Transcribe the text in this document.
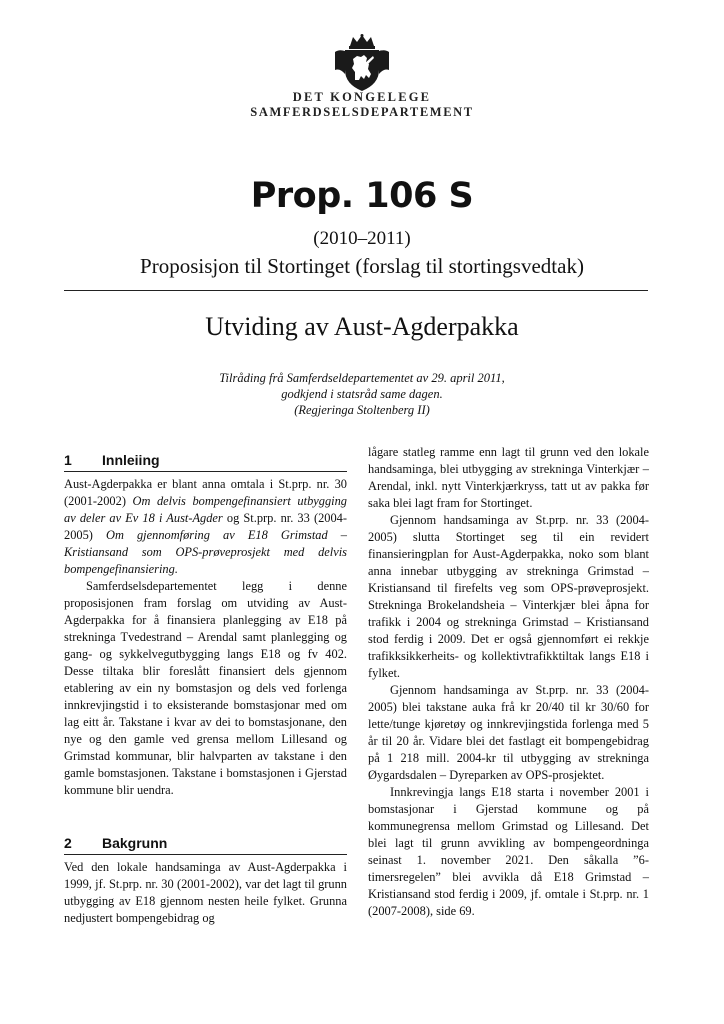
DET KONGELEGE
SAMFERDSELSDEPARTEMENT
Prop. 106 S
(2010–2011)
Proposisjon til Stortinget (forslag til stortingsvedtak)
Utviding av Aust-Agderpakka
Tilråding frå Samferdseldepartementet av 29. april 2011,
godkjend i statsråd same dagen.
(Regjeringa Stoltenberg II)
1	Innleiing

Aust-Agderpakka er blant anna omtala i St.prp. nr. 30 (2001-2002) Om delvis bompengefinansiert utbygging av deler av Ev 18 i Aust-Agder og St.prp. nr. 33 (2004-2005) Om gjennomføring av E18 Grimstad – Kristiansand som OPS-prøveprosjekt med delvis bompengefinansiering.

Samferdselsdepartementet legg i denne proposisjonen fram forslag om utviding av Aust-Agderpakka for å finansiera planlegging av E18 på strekninga Tvedestrand – Arendal samt planlegging og gang- og sykkelvegutbygging langs E18 og fv 402. Desse tiltaka blir foreslått finansiert dels gjennom etablering av ein ny bomstasjon og dels ved forlenga innkrevjingstid i to eksisterande bomstasjonar med om lag eitt år. Takstane i kvar av dei to bomstasjonane, den nye og den gamle ved grensa mellom Lillesand og Grimstad kommunar, blir halvparten av takstane i den gamle bomstasjonen. Takstane i bomstasjonen i Gjerstad kommune blir uendra.

2	Bakgrunn

Ved den lokale handsaminga av Aust-Agderpakka i 1999, jf. St.prp. nr. 30 (2001-2002), var det lagt til grunn utbygging av E18 gjennom nesten heile fylket. Grunna nedjustert bompengebidrag og

lågare statleg ramme enn lagt til grunn ved den lokale handsaminga, blei utbygging av strekninga Vinterkjær – Arendal, inkl. nytt Vinterkjærkryss, tatt ut av pakka før saka blei lagt fram for Stortinget.

Gjennom handsaminga av St.prp. nr. 33 (2004-2005) slutta Stortinget seg til ein revidert finansieringplan for Aust-Agderpakka, noko som blant anna innebar utbygging av strekninga Grimstad – Kristiansand til firefelts veg som OPS-prøveprosjekt. Strekninga Brokelandsheia – Vinterkjær blei åpna for trafikk i 2004 og strekninga Grimstad – Kristiansand stod ferdig i 2009. Det er også gjennomført ei rekkje trafikksikkerheits- og kollektivtrafikktiltak langs E18 i fylket.

Gjennom handsaminga av St.prp. nr. 33 (2004-2005) blei takstane auka frå kr 20/40 til kr 30/60 for lette/tunge kjøretøy og innkrevjingstida forlenga med 5 år til 20 år. Vidare blei det fastlagt eit bompengebidrag på 1 218 mill. 2004-kr til utbygging av strekninga Øygardsdalen – Dyreparken av OPS-prosjektet.

Innkrevingja langs E18 starta i november 2001 i bomstasjonar i Gjerstad kommune og på kommunegrensa mellom Grimstad og Lillesand. Det blei lagt til grunn avvikling av bompengeordninga seinast 1. november 2021. Den såkalla ”6-timersregelen” blei avvikla då E18 Grimstad – Kristiansand stod ferdig i 2009, jf. omtale i St.prp. nr. 1 (2007-2008), side 69.
